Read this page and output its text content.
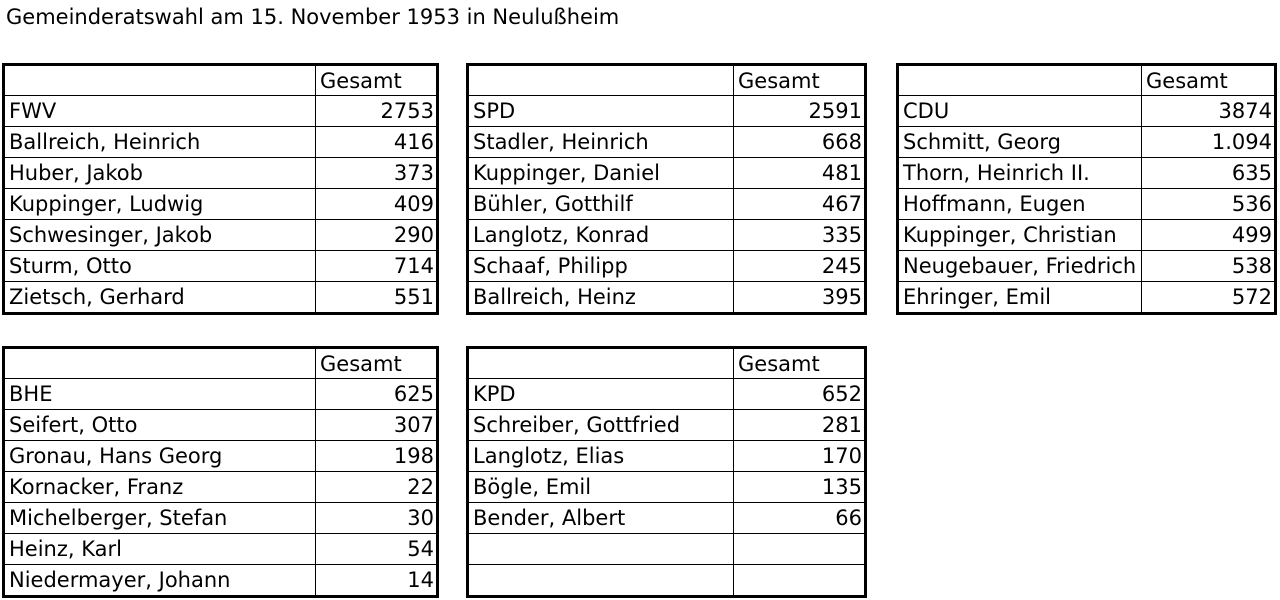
Gemeinderatswahl am 15. November 1953 in Neulußheim
	Gesamt
FWV	2753
Ballreich, Heinrich	416
Huber, Jakob	373
Kuppinger, Ludwig	409
Schwesinger, Jakob	290
Sturm, Otto	714
Zietsch, Gerhard	551
	Gesamt
SPD	2591
Stadler, Heinrich	668
Kuppinger, Daniel	481
Bühler, Gotthilf	467
Langlotz, Konrad	335
Schaaf, Philipp	245
Ballreich, Heinz	395
	Gesamt
CDU	3874
Schmitt, Georg	1.094
Thorn, Heinrich II.	635
Hoffmann, Eugen	536
Kuppinger, Christian	499
Neugebauer, Friedrich	538
Ehringer, Emil	572
	Gesamt
BHE	625
Seifert, Otto	307
Gronau, Hans Georg	198
Kornacker, Franz	22
Michelberger, Stefan	30
Heinz, Karl	54
Niedermayer, Johann	14
	Gesamt
KPD	652
Schreiber, Gottfried	281
Langlotz, Elias	170
Bögle, Emil	135
Bender, Albert	66
